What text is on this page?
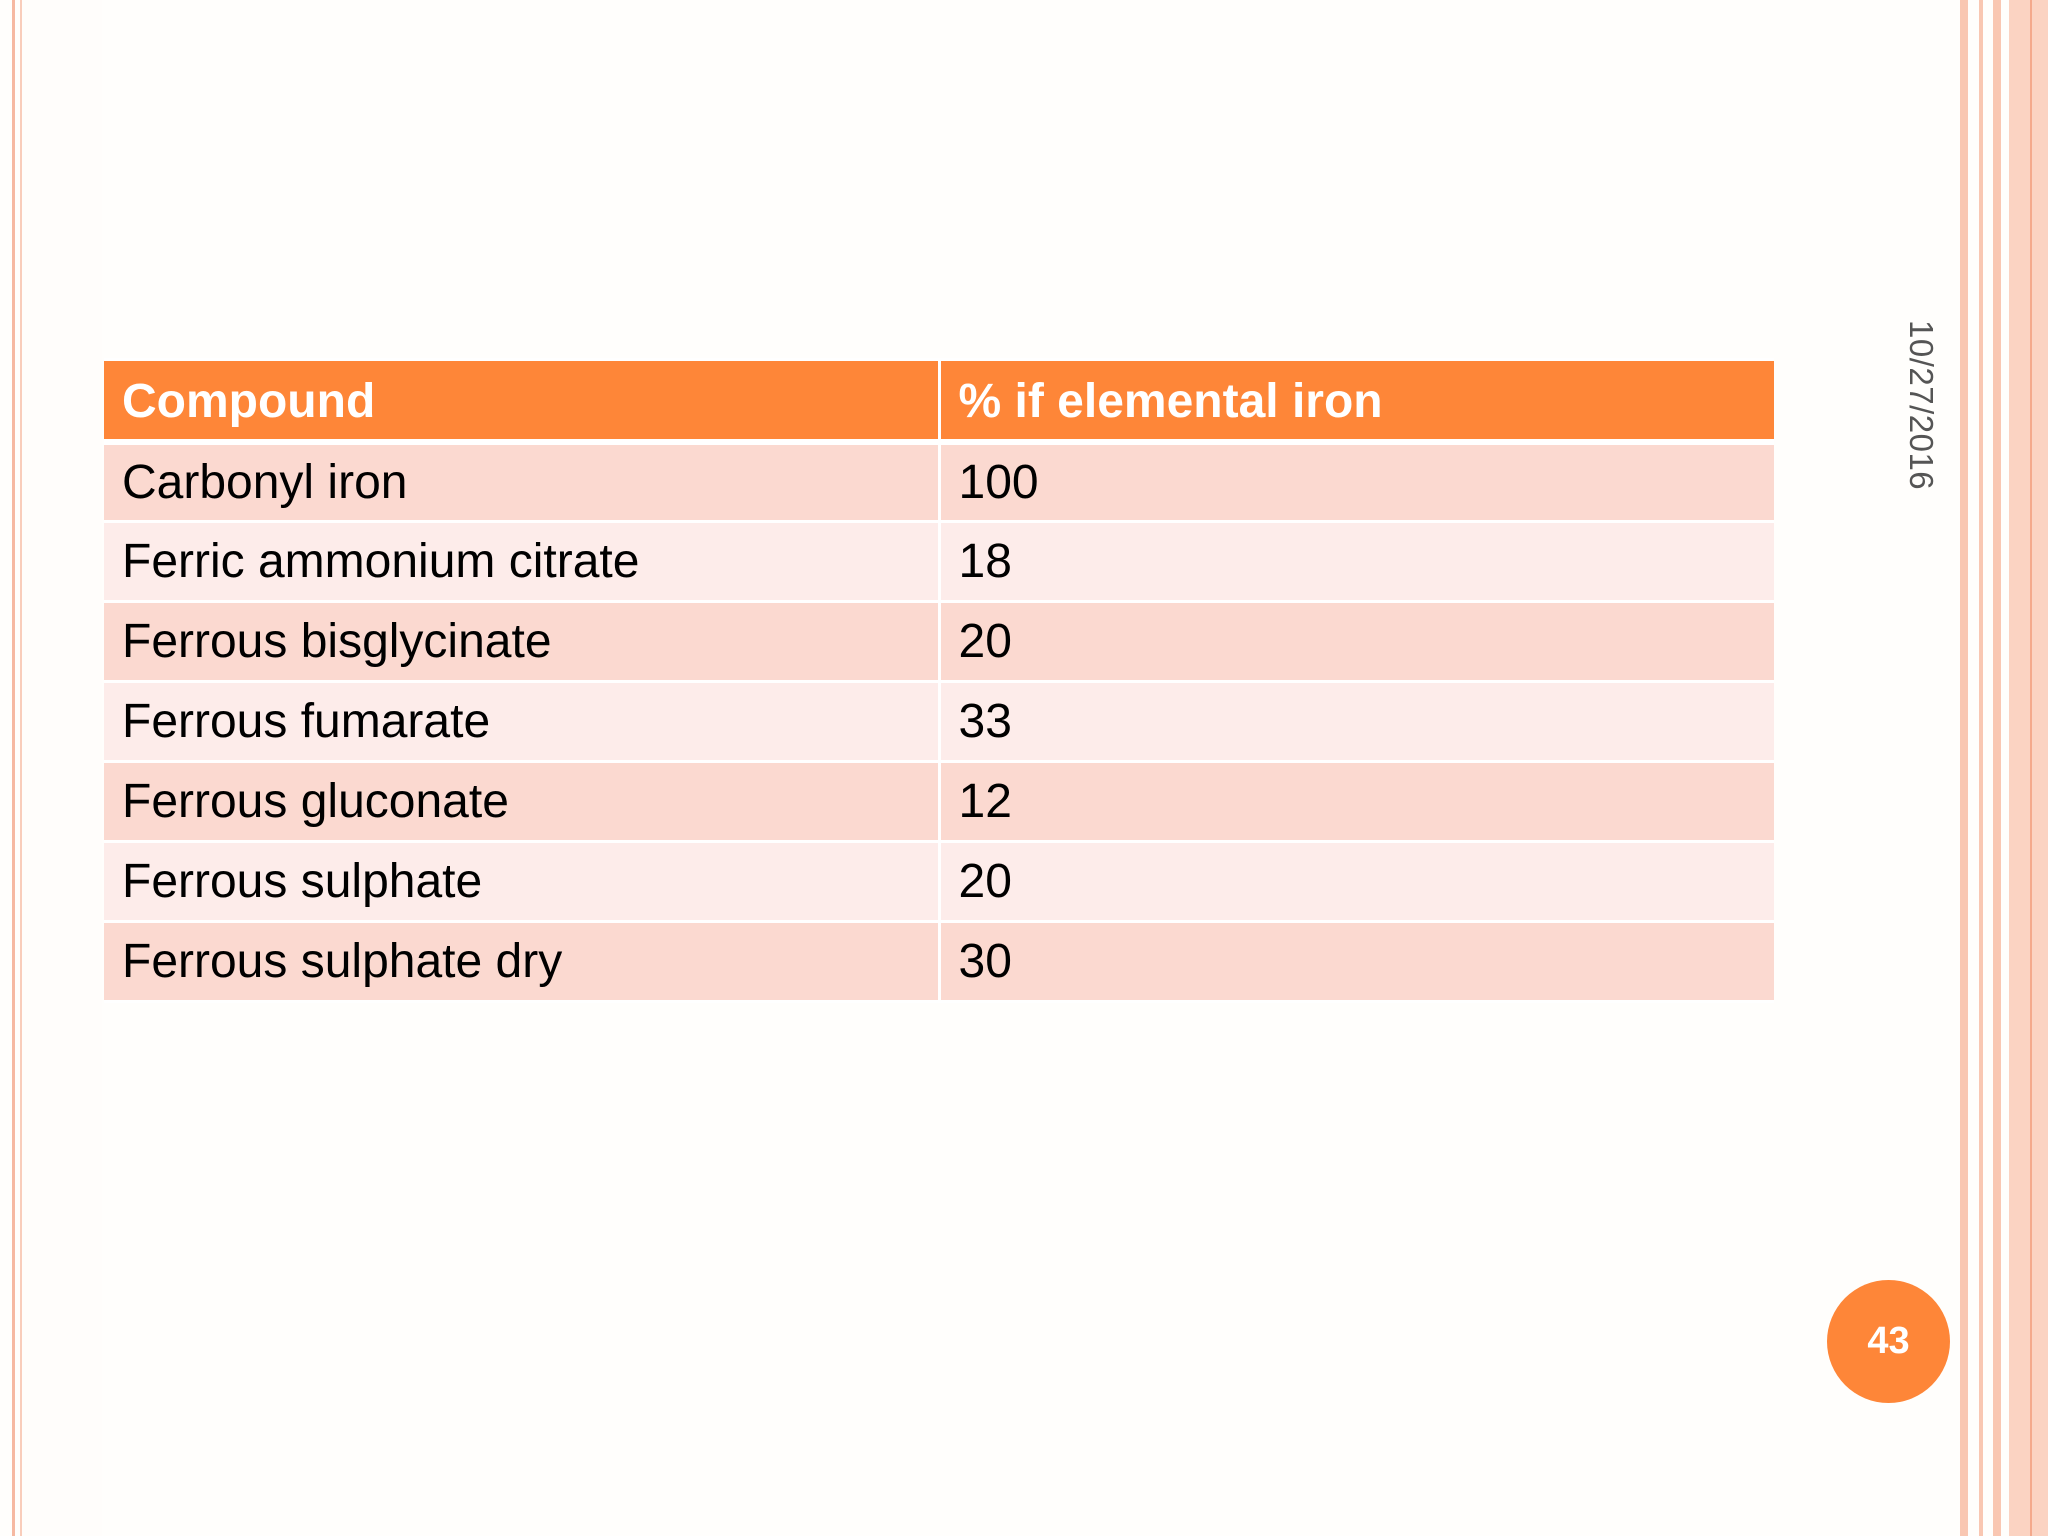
Compound	% if elemental iron
Carbonyl iron	100
Ferric ammonium citrate	18
Ferrous bisglycinate	20
Ferrous fumarate	33
Ferrous gluconate	12
Ferrous sulphate	20
Ferrous sulphate dry	30
10/27/2016
43
